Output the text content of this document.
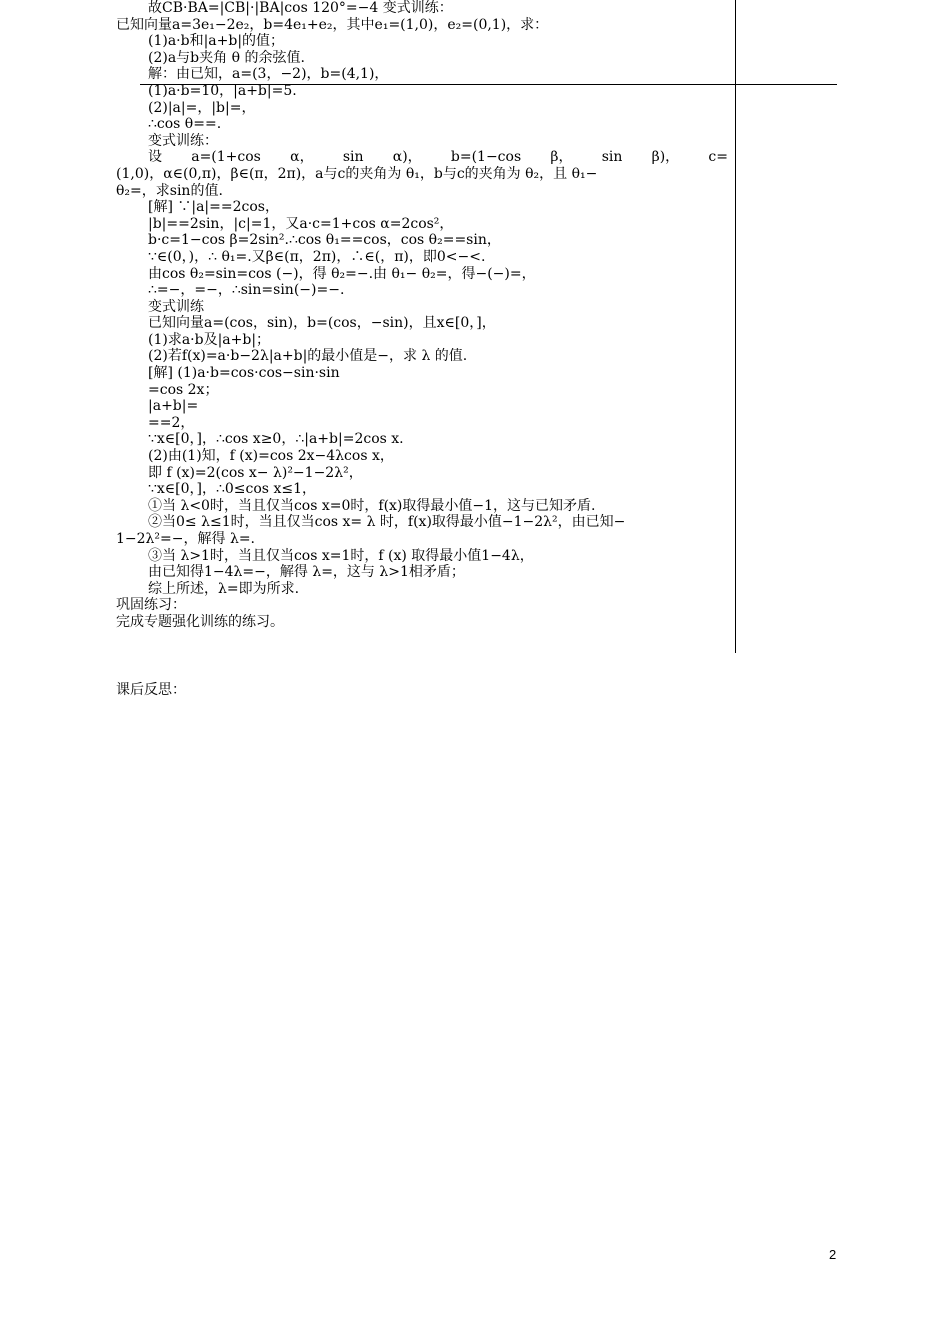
故CB·BA=|CB|·|BA|cos 120°=−4 变式训练：
已知向量a=3e₁−2e₂，b=4e₁+e₂，其中e₁=(1,0)，e₂=(0,1)，求：
(1)a·b和|a+b|的值；
(2)a与b夹角 θ 的余弦值.
解：由已知，a=(3，−2)，b=(4,1)，
(1)a·b=10，|a+b|=5.
(2)|a|=，|b|=，
∴cos θ==.
变式训练：
设 a=(1+cos α， sin α)， b=(1−cos β， sin β)， c=
(1,0)，α∈(0,π)，β∈(π，2π)，a与c的夹角为 θ₁，b与c的夹角为 θ₂，且 θ₁−
θ₂=，求sin的值.
[解] ∵|a|==2cos，
|b|==2sin，|c|=1，又a·c=1+cos α=2cos²，
b·c=1−cos β=2sin².∴cos θ₁==cos，cos θ₂==sin，
∵∈(0，)，∴ θ₁=.又β∈(π，2π)，∴∈(，π)，即0<−<.
由cos θ₂=sin=cos (−)，得 θ₂=−.由 θ₁− θ₂=，得−(−)=，
∴=−，=−，∴sin=sin(−)=−.
变式训练
已知向量a=(cos，sin)，b=(cos，−sin)，且x∈[0，]，
(1)求a·b及|a+b|；
(2)若f(x)=a·b−2λ|a+b|的最小值是−，求 λ 的值.
[解] (1)a·b=cos·cos−sin·sin
=cos 2x；
|a+b|=
==2，
∵x∈[0，]，∴cos x≥0，∴|a+b|=2cos x.
(2)由(1)知，f (x)=cos 2x−4λcos x，
即 f (x)=2(cos x− λ)²−1−2λ²，
∵x∈[0，]，∴0≤cos x≤1，
①当 λ<0时，当且仅当cos x=0时，f(x)取得最小值−1，这与已知矛盾.
②当0≤ λ≤1时，当且仅当cos x= λ 时，f(x)取得最小值−1−2λ²，由已知−
1−2λ²=−，解得 λ=.
③当 λ>1时，当且仅当cos x=1时，f (x) 取得最小值1−4λ，
由已知得1−4λ=−，解得 λ=，这与 λ>1相矛盾；
综上所述，λ=即为所求.
巩固练习：
完成专题强化训练的练习。
课后反思：
2
